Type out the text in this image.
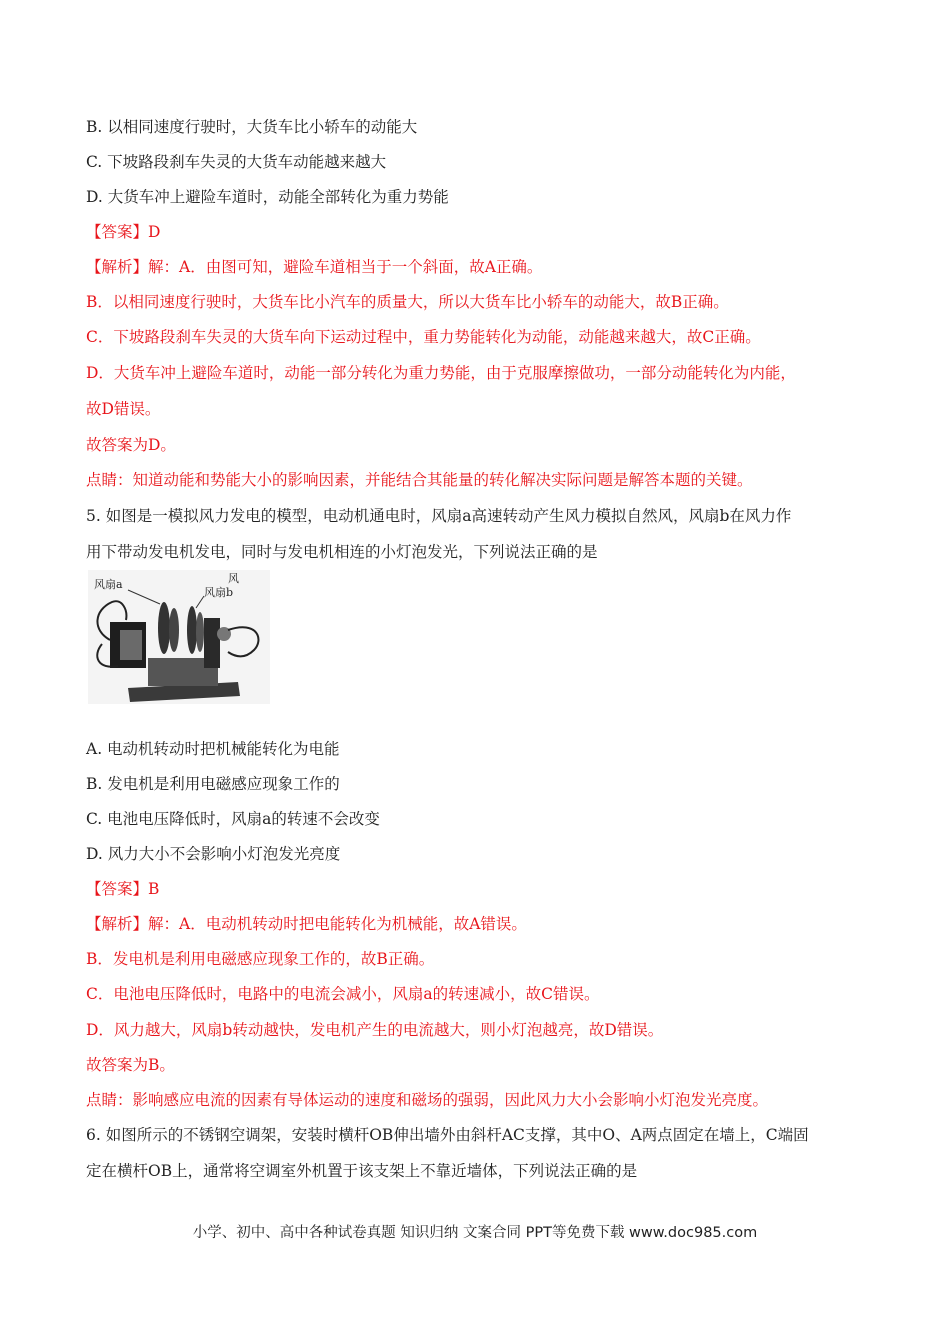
B. 以相同速度行驶时，大货车比小轿车的动能大
C. 下坡路段刹车失灵的大货车动能越来越大
D. 大货车冲上避险车道时，动能全部转化为重力势能
【答案】D
【解析】解：A．由图可知，避险车道相当于一个斜面，故A正确。
B．以相同速度行驶时，大货车比小汽车的质量大，所以大货车比小轿车的动能大，故B正确。
C．下坡路段刹车失灵的大货车向下运动过程中，重力势能转化为动能，动能越来越大，故C正确。
D．大货车冲上避险车道时，动能一部分转化为重力势能，由于克服摩擦做功，一部分动能转化为内能，
故D错误。
故答案为D。
点睛：知道动能和势能大小的影响因素，并能结合其能量的转化解决实际问题是解答本题的关键。
5. 如图是一模拟风力发电的模型，电动机通电时，风扇a高速转动产生风力模拟自然风，风扇b在风力作
用下带动发电机发电，同时与发电机相连的小灯泡发光，下列说法正确的是
风扇a
风扇b
风
A. 电动机转动时把机械能转化为电能
B. 发电机是利用电磁感应现象工作的
C. 电池电压降低时，风扇a的转速不会改变
D. 风力大小不会影响小灯泡发光亮度
【答案】B
【解析】解：A．电动机转动时把电能转化为机械能，故A错误。
B．发电机是利用电磁感应现象工作的，故B正确。
C．电池电压降低时，电路中的电流会减小，风扇a的转速减小，故C错误。
D．风力越大，风扇b转动越快，发电机产生的电流越大，则小灯泡越亮，故D错误。
故答案为B。
点睛：影响感应电流的因素有导体运动的速度和磁场的强弱，因此风力大小会影响小灯泡发光亮度。
6. 如图所示的不锈钢空调架，安装时横杆OB伸出墙外由斜杆AC支撑，其中O、A两点固定在墙上，C端固
定在横杆OB上，通常将空调室外机置于该支架上不靠近墙体，下列说法正确的是
小学、初中、高中各种试卷真题 知识归纳 文案合同 PPT等免费下载 www.doc985.com
